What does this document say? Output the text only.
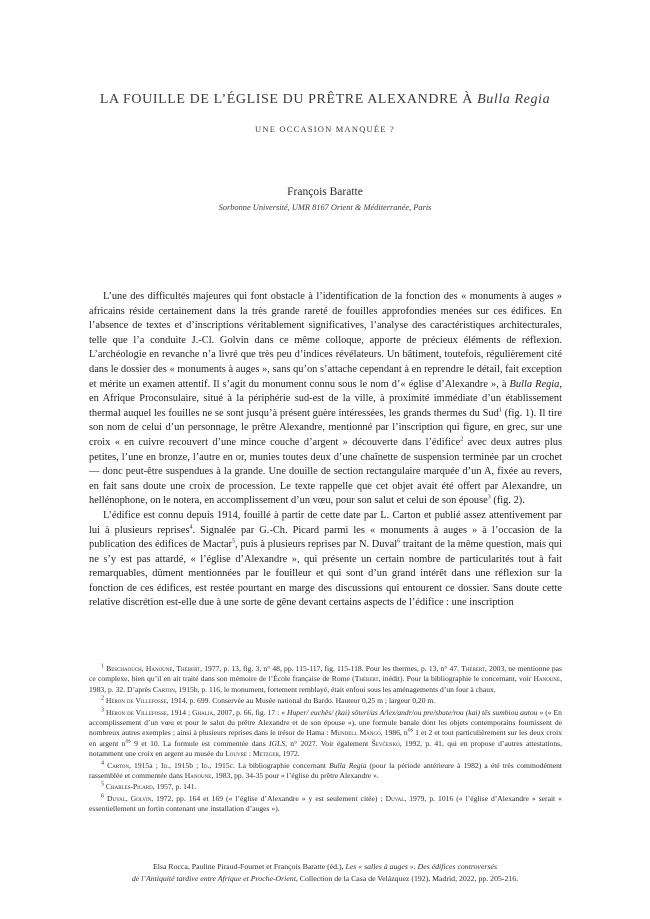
LA FOUILLE DE L’ÉGLISE DU PRÊTRE ALEXANDRE À Bulla Regia
UNE OCCASION MANQUÉE ?
François Baratte
Sorbonne Université, UMR 8167 Orient & Méditerranée, Paris

L’une des difficultés majeures qui font obstacle à l’identification de la fonction des « monuments à auges » africains réside certainement dans la très grande rareté de fouilles approfondies menées sur ces édifices. En l’absence de textes et d’inscriptions véritablement significatives, l’analyse des caractéristiques architecturales, telle que l’a conduite J.-Cl. Golvin dans ce même colloque, apporte de précieux éléments de réflexion. L’archéologie en revanche n’a livré que très peu d’indices révélateurs. Un bâtiment, toutefois, régulièrement cité dans le dossier des « monuments à auges », sans qu’on s’attache cependant à en reprendre le détail, fait exception et mérite un examen attentif. Il s’agit du monument connu sous le nom d’« église d’Alexandre », à Bulla Regia, en Afrique Proconsulaire, situé à la périphérie sud-est de la ville, à proximité immédiate d’un établissement thermal auquel les fouilles ne se sont jusqu’à présent guère intéressées, les grands thermes du Sud$^1$ (fig. 1). Il tire son nom de celui d’un personnage, le prêtre Alexandre, mentionné par l’inscription qui figure, en grec, sur une croix « en cuivre recouvert d’une mince couche d’argent » découverte dans l’édifice$^2$ avec deux autres plus petites, l’une en bronze, l’autre en or, munies toutes deux d’une chaînette de suspension terminée par un crochet — donc peut-être suspendues à la grande. Une douille de section rectangulaire marquée d’un A, fixée au revers, en fait sans doute une croix de procession. Le texte rappelle que cet objet avait été offert par Alexandre, un hellénophone, on le notera, en accomplissement d’un vœu, pour son salut et celui de son épouse$^3$ (fig. 2).

L’édifice est connu depuis 1914, fouillé à partir de cette date par L. Carton et publié assez attentivement par lui à plusieurs reprises$^4$. Signalée par G.-Ch. Picard parmi les « monuments à auges » à l’occasion de la publication des édifices de Mactar$^5$, puis à plusieurs reprises par N. Duval$^6$ traitant de la même question, mais qui ne s’y est pas attardé, « l’église d’Alexandre », qui présente un certain nombre de particularités tout à fait remarquables, dûment mentionnées par le fouilleur et qui sont d’un grand intérêt dans une réflexion sur la fonction de ces édifices, est restée pourtant en marge des discussions qui entourent ce dossier. Sans doute cette relative discrétion est-elle due à une sorte de gêne devant certains aspects de l’édifice : une inscription

$^1$ Beschaouch, Hanoune, Thébert, 1977, p. 13, fig. 3, n° 48, pp. 115-117, fig. 115-118. Pour les thermes, p. 13, n° 47. Thébert, 2003, ne mentionne pas ce complexe, bien qu’il en ait traité dans son mémoire de l’École française de Rome (Thébert, inédit). Pour la bibliographie le concernant, voir Hanoune, 1983, p. 32. D’après Carton, 1915b, p. 116, le monument, fortement remblayé, était enfoui sous les aménagements d’un four à chaux.

$^2$ Héron de Villefosse, 1914, p. 699. Conservée au Musée national du Bardo. Hauteur 0,25 m ; largeur 0,20 m.

$^3$ Héron de Villefosse, 1914 ; Ghalia, 2007, p. 66, fig. 17 : « Huper/ euchēs/ (kai) sōteri/as A/lex/andr/ou pre/sbute/rou (kai) tēs sumbiou autou » (« En accomplissement d’un vœu et pour le salut du prêtre Alexandre et de son épouse »), une formule banale dont les objets contemporains fournissent de nombreux autres exemples ; ainsi à plusieurs reprises dans le trésor de Hama : Mundell Mango, 1986, $n^{os}$ 1 et 2 et tout particulièrement sur les deux croix en argent $n^{os}$ 9 et 10. La formule est commentée dans IGLS, n° 2027. Voir également Ševčenko, 1992, p. 41, qui en propose d’autres attestations, notamment une croix en argent au musée du Louvre : Metzger, 1972.

$^4$ Carton, 1915a ; Id., 1915b ; Id., 1915c. La bibliographie concernant Bulla Regia (pour la période antérieure à 1982) a été très commodément rassemblée et commentée dans Hanoune, 1983, pp. 34-35 pour « l’église du prêtre Alexandre ».

$^5$ Charles-Picard, 1957, p. 141.

$^6$ Duval, Golvin, 1972, pp. 164 et 169 (« l’église d’Alexandre » y est seulement citée) ; Duval, 1979, p. 1016 (« l’église d’Alexandre » serait « essentiellement un fortin contenant une installation d’auges »).

Elsa Rocca, Pauline Piraud-Fournet et François Baratte (éd.), Les « salles à auges ». Des édifices controversés
de l’Antiquité tardive entre Afrique et Proche-Orient, Collection de la Casa de Velázquez (192), Madrid, 2022, pp. 205-216.
